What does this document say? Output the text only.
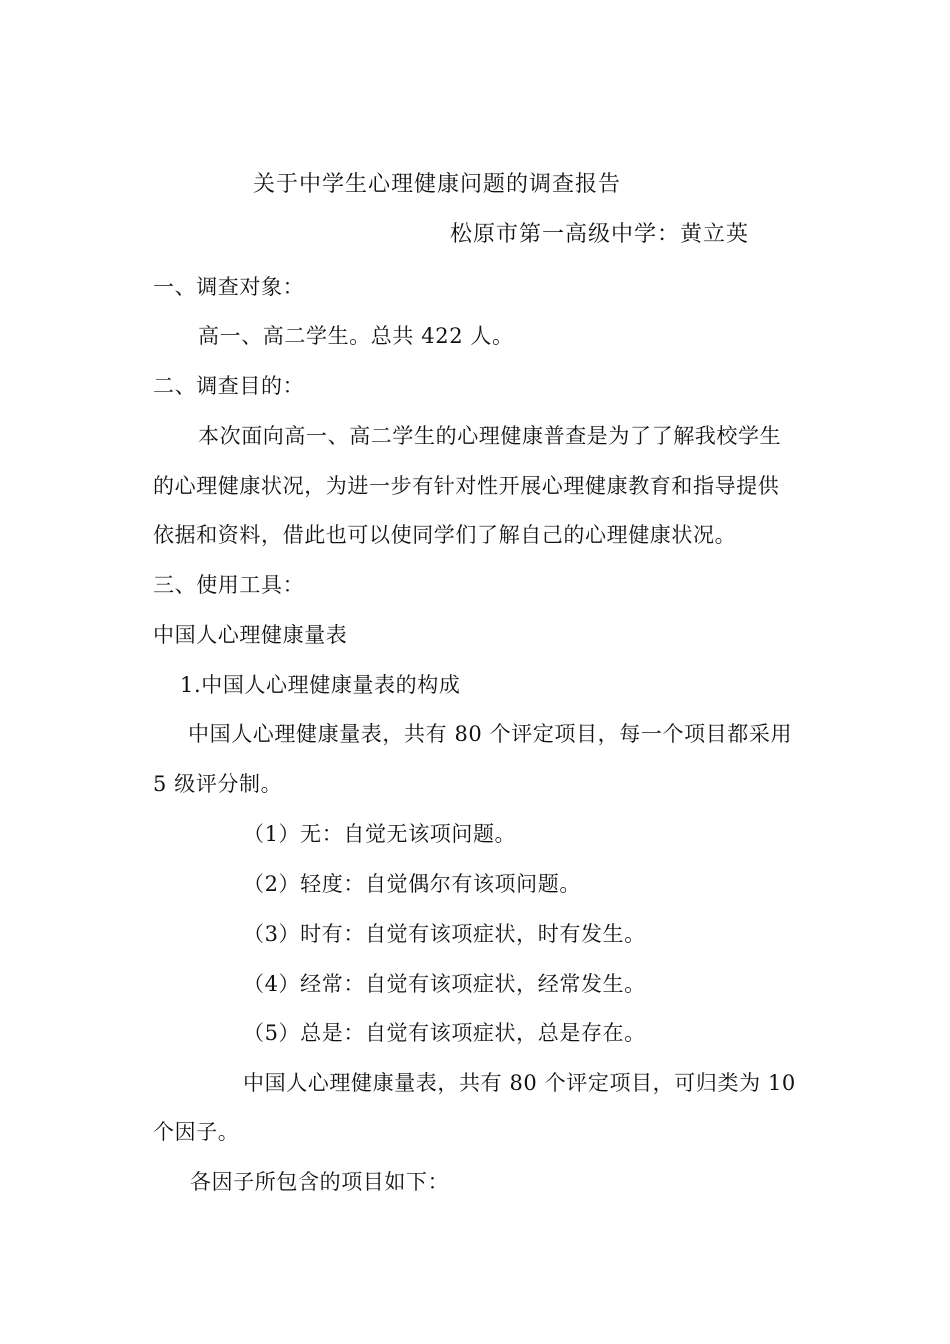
关于中学生心理健康问题的调查报告
松原市第一高级中学：黄立英
一、调查对象：
高一、高二学生。总共 422 人。
二、调查目的：
本次面向高一、高二学生的心理健康普查是为了了解我校学生
的心理健康状况，为进一步有针对性开展心理健康教育和指导提供
依据和资料，借此也可以使同学们了解自己的心理健康状况。
三、使用工具：
中国人心理健康量表
1.中国人心理健康量表的构成
中国人心理健康量表，共有 80 个评定项目，每一个项目都采用
5 级评分制。
（1）无：自觉无该项问题。
（2）轻度：自觉偶尔有该项问题。
（3）时有：自觉有该项症状，时有发生。
（4）经常：自觉有该项症状，经常发生。
（5）总是：自觉有该项症状，总是存在。
中国人心理健康量表，共有 80 个评定项目，可归类为 10
个因子。
各因子所包含的项目如下：
